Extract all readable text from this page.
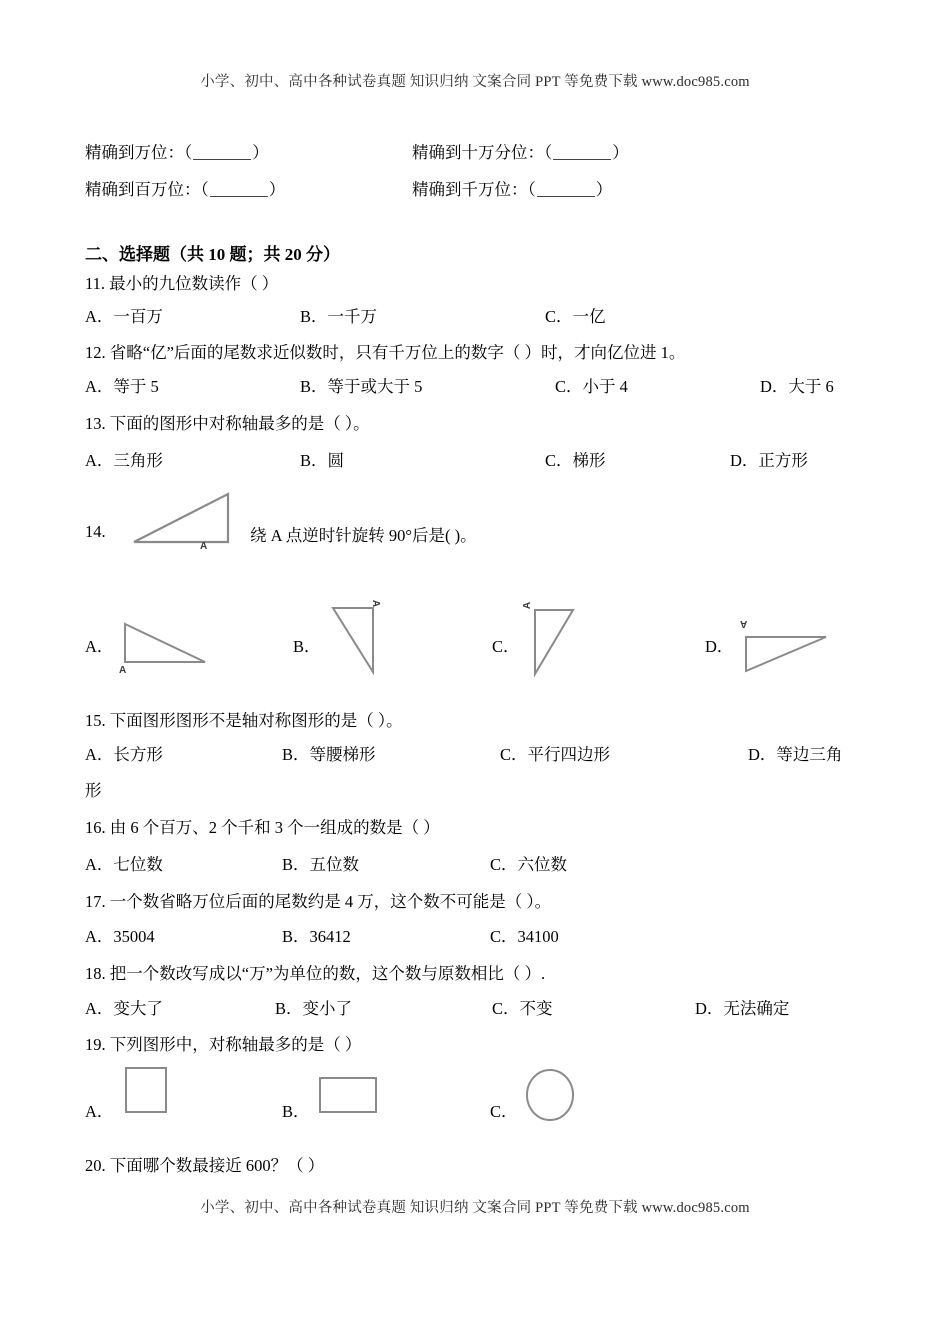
小学、初中、高中各种试卷真题 知识归纳 文案合同 PPT 等免费下载 www.doc985.com
精确到万位：（	）	精确到十万分位：（	）
精确到百万位：（	）	精确到千万位：（	）
二、选择题（共 10 题；共 20 分）
11. 最小的九位数读作（ ）
A．一百万	B．一千万	C．一亿
12. 省略“亿”后面的尾数求近似数时，只有千万位上的数字（ ）时，才向亿位进 1。
A．等于 5	B．等于或大于 5	C．小于 4	D．大于 6
13. 下面的图形中对称轴最多的是（ ）。
A．三角形	B．圆	C．梯形	D．正方形
14.
A
绕 A 点逆时针旋转 90°后是( )。
A．
A
B．
A
C．
A
D．
A
15. 下面图形图形不是轴对称图形的是（ ）。
A．长方形	B．等腰梯形	C．平行四边形	D．等边三角
形
16. 由 6 个百万、2 个千和 3 个一组成的数是（ ）
A．七位数	B．五位数	C．六位数
17. 一个数省略万位后面的尾数约是 4 万，这个数不可能是（ ）。
A．35004	B．36412	C．34100
18. 把一个数改写成以“万”为单位的数，这个数与原数相比（ ）.
A．变大了	B．变小了	C．不变	D．无法确定
19. 下列图形中，对称轴最多的是（ ）
A．	B．	C．
20. 下面哪个数最接近 600？（ ）
小学、初中、高中各种试卷真题 知识归纳 文案合同 PPT 等免费下载 www.doc985.com
